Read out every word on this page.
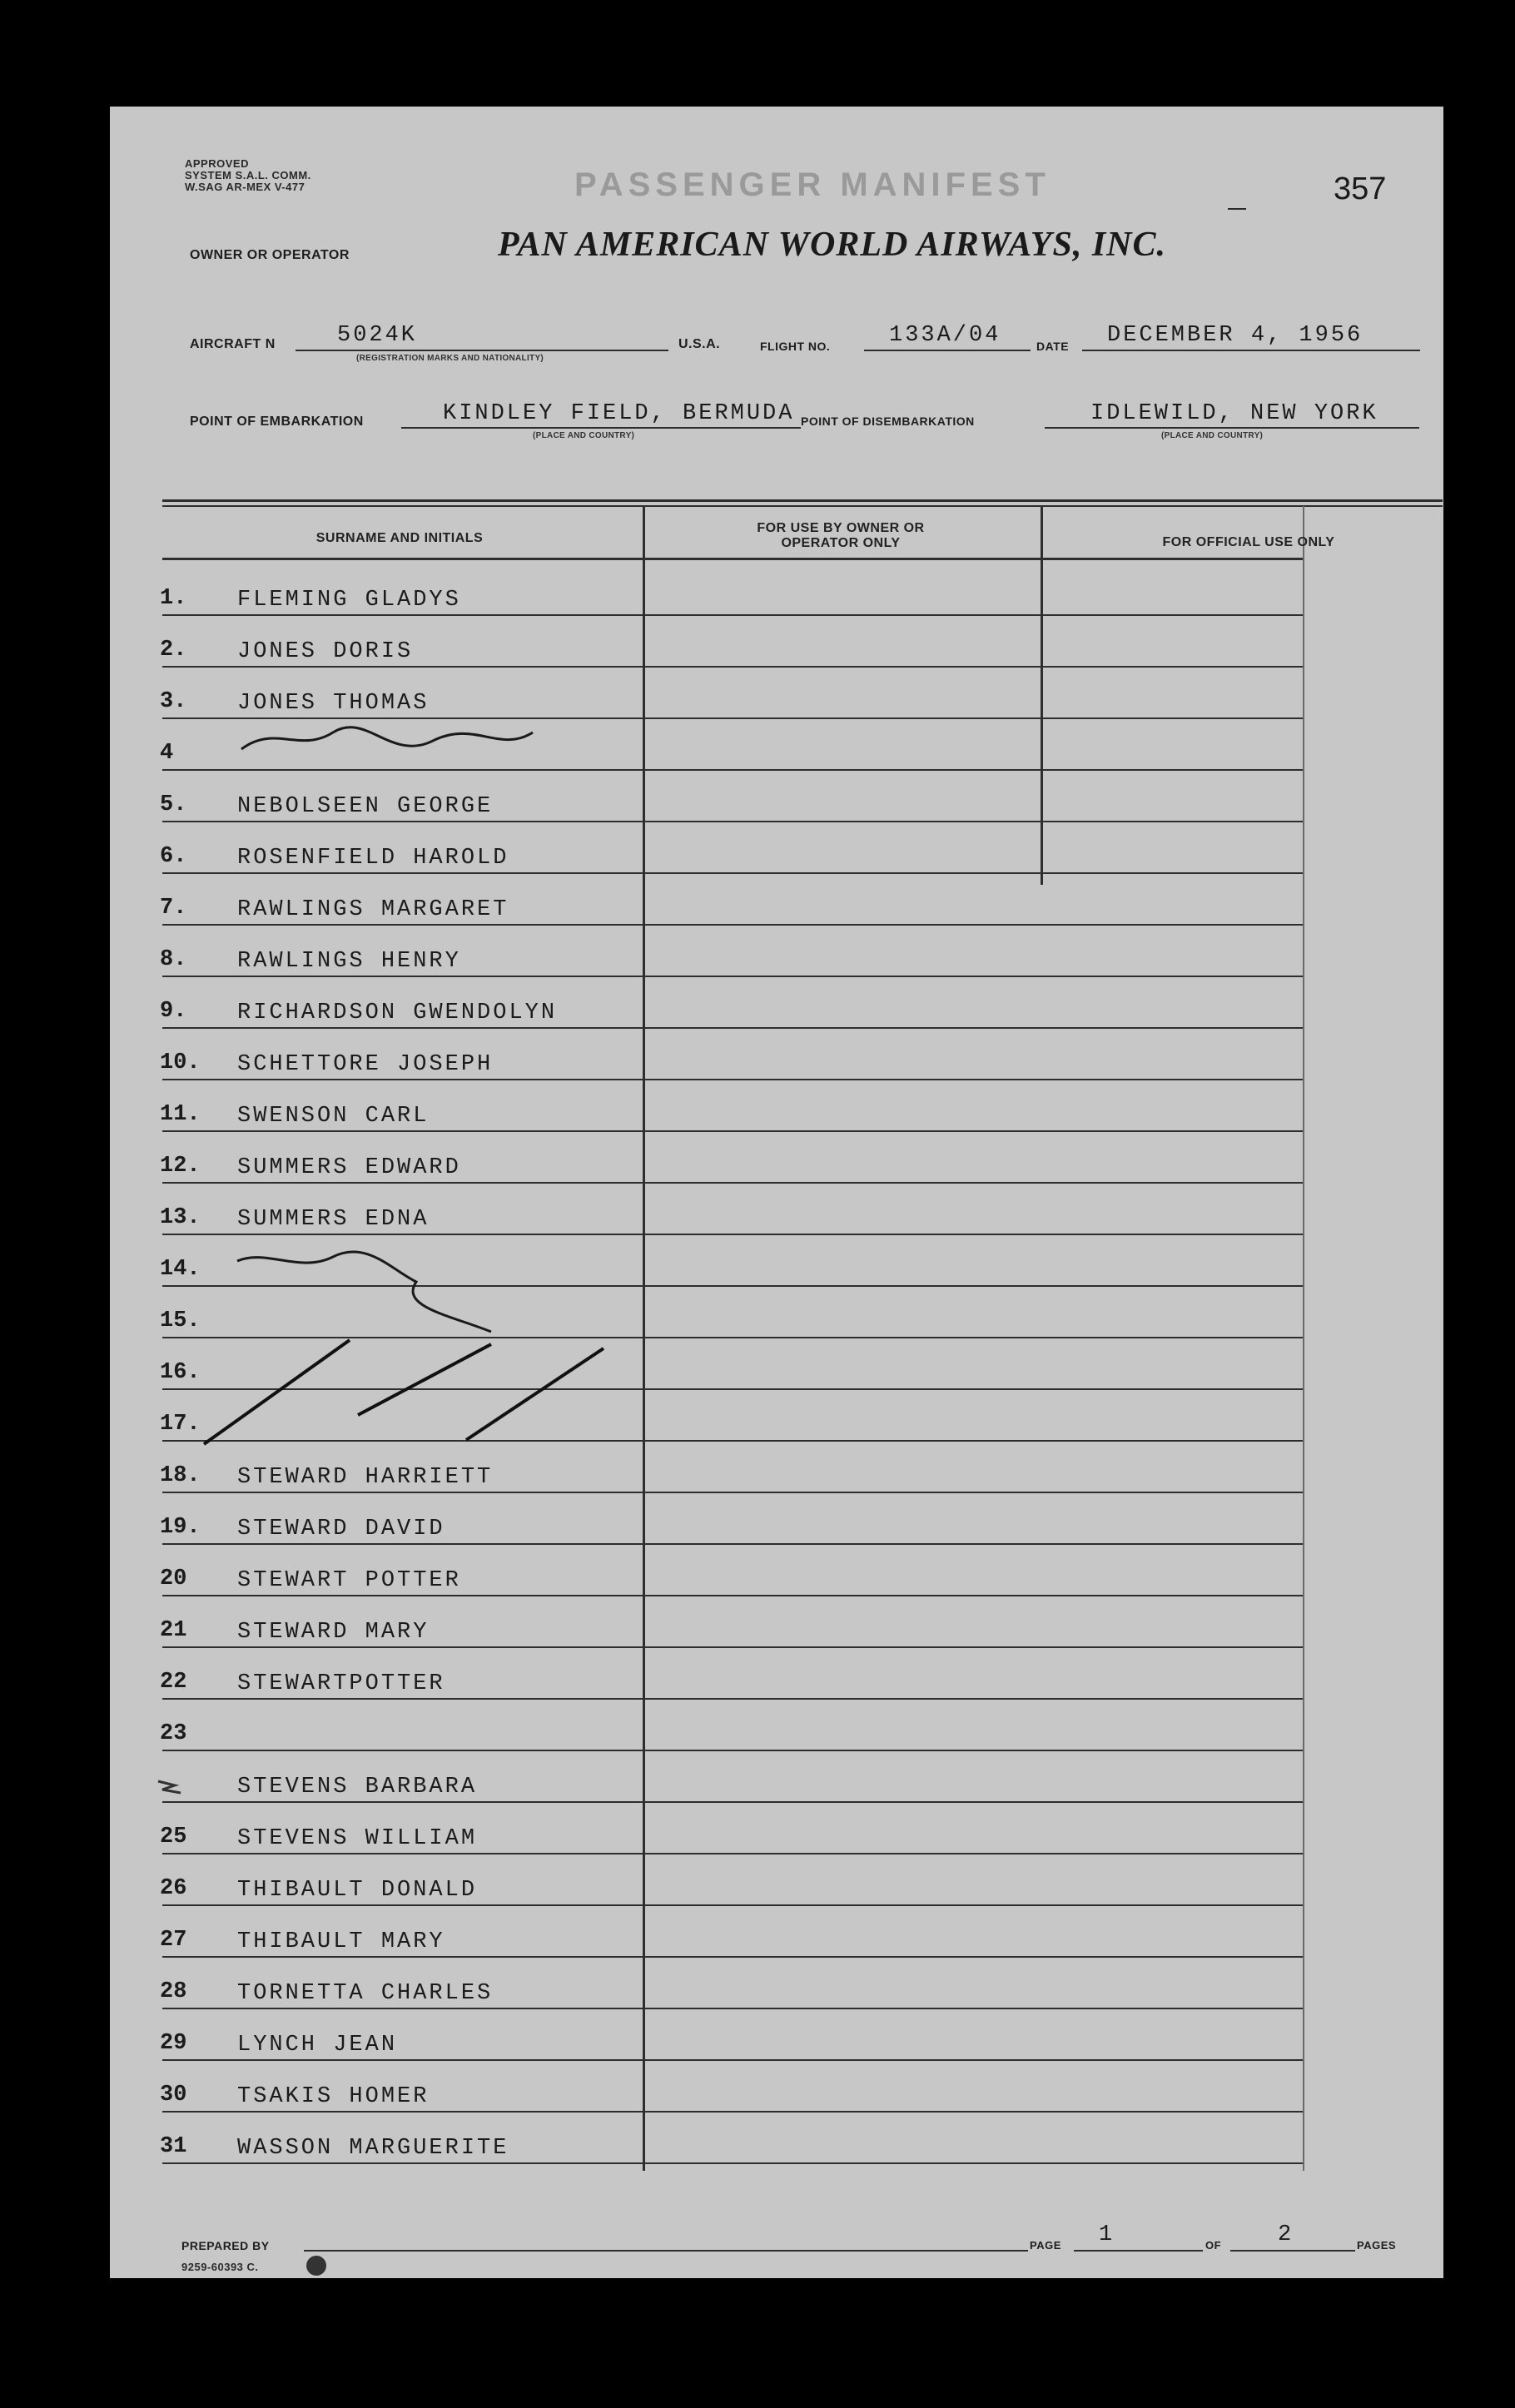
APPROVED
SYSTEM S.A.L. COMM.
W.SAG AR-MEX V-477	PASSENGER MANIFEST	357
OWNER OR OPERATOR	PAN AMERICAN WORLD AIRWAYS, INC.
AIRCRAFT N	5024K
(REGISTRATION MARKS AND NATIONALITY)
U.S.A.	FLIGHT NO.	133A/04	DATE DECEMBER 4, 1956
POINT OF EMBARKATION	KINDLEY FIELD, BERMUDA
(PLACE AND COUNTRY)
POINT OF DISEMBARKATION	IDLEWILD, NEW YORK
(PLACE AND COUNTRY)
SURNAME AND INITIALS
FOR USE BY OWNER OR OPERATOR ONLY	FOR OFFICIAL USE ONLY
1. FLEMING GLADYS
2. JONES DORIS
3. JONES THOMAS
4
5. NEBOLSEEN GEORGE
6. ROSENFIELD HAROLD
7. RAWLINGS MARGARET
8. RAWLINGS HENRY
9. RICHARDSON GWENDOLYN
10. SCHETTORE JOSEPH
11. SWENSON CARL
12. SUMMERS EDWARD
13. SUMMERS EDNA
14.
15.
16.
17.
18. STEWARD HARRIETT
19. STEWARD DAVID
20 STEWART POTTER
21 STEWARD MARY
22 STEWARTPOTTER
23
STEVENS BARBARA
25 STEVENS WILLIAM
26 THIBAULT DONALD
27 THIBAULT MARY
28 TORNETTA CHARLES
29 LYNCH JEAN
30 TSAKIS HOMER
31 WASSON MARGUERITE
PREPARED BY
9259-60393 C.
PAGE 1	OF	2	PAGES
